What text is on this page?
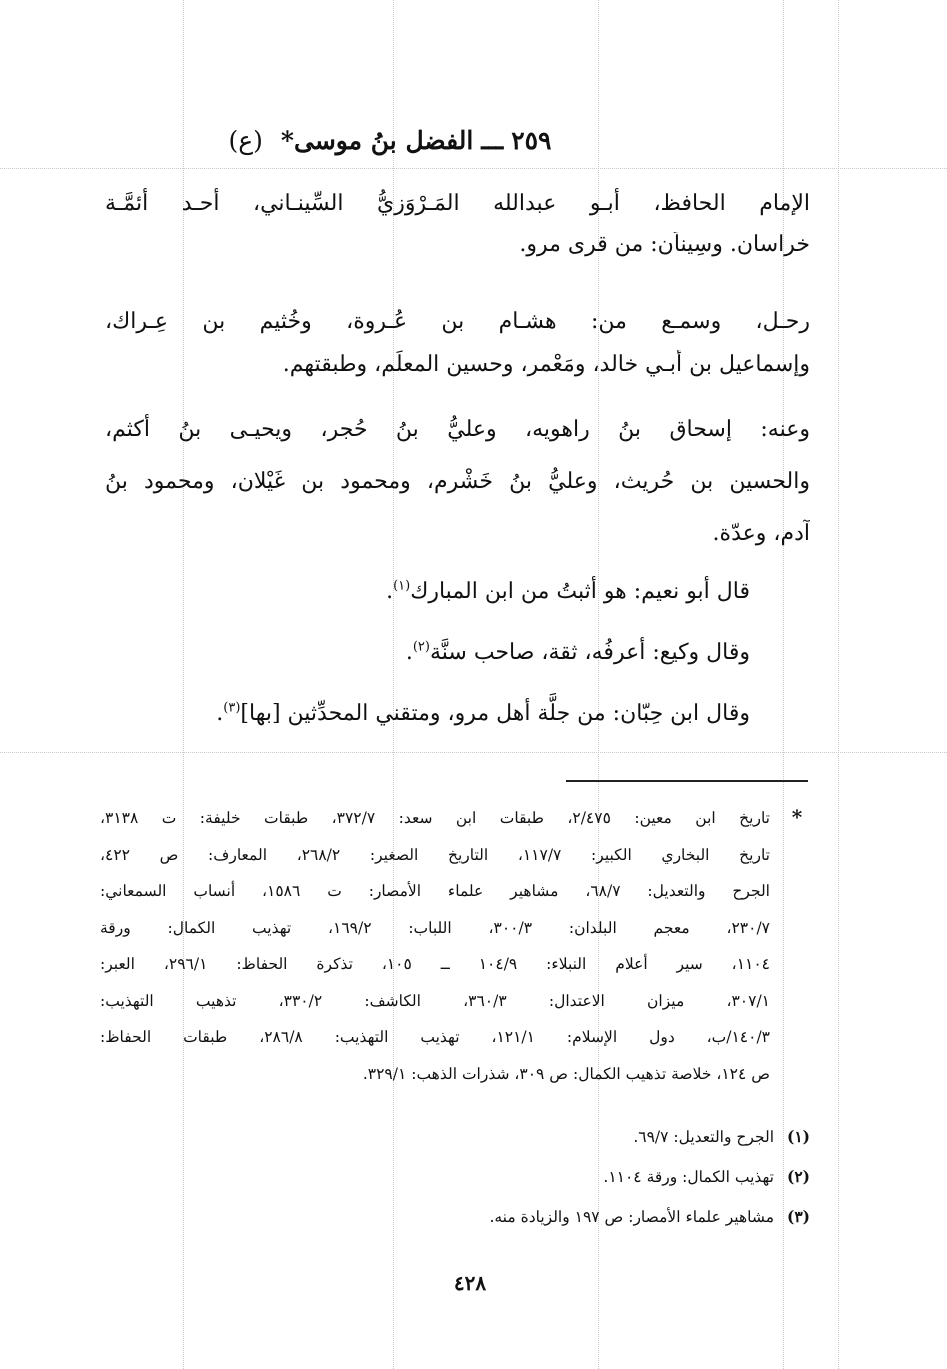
٢٥٩ ـــ الفضل بنُ موسى* (ع)
الإمام الحافظ، أبـو عبدالله المَـرْوَزيُّ السِّينـاني، أحـد أئمَّـة
خراسان. وسِيناَن: من قرى مرو.
رحـل، وسمـع من: هشـام بن عُـروة، وخُثيم بن عِـراك،
وإسماعيل بن أبـي خالد، ومَعْمر، وحسين المعلِّم، وطبقتهم.
وعنه: إسحاق بنُ راهويه، وعليُّ بنُ حُجر، ويحيـى بنُ أكثم،
والحسين بن حُريث، وعليُّ بنُ خَشْرم، ومحمود بن غَيْلان، ومحمود بنُ
آدم، وعدّة.
قال أبو نعيم: هو أثبتُ من ابن المبارك$^{(١)}$.
وقال وكيع: أعرفُه، ثقة، صاحب سنَّة$^{(٢)}$.
وقال ابن حِبّان: من جلَّة أهل مرو، ومتقني المحدِّثين [بها]$^{(٣)}$.
*
تاريخ ابن معين: ٢/٤٧٥، طبقات ابن سعد: ٣٧٢/٧، طبقات خليفة: ت ٣١٣٨،
تاريخ البخاري الكبير: ١١٧/٧، التاريخ الصغير: ٢٦٨/٢، المعارف: ص ٤٢٢،
الجرح والتعديل: ٦٨/٧، مشاهير علماء الأمصار: ت ١٥٨٦، أنساب السمعاني:
٢٣٠/٧، معجم البلدان: ٣٠٠/٣، اللباب: ١٦٩/٢، تهذيب الكمال: ورقة
١١٠٤، سير أعلام النبلاء: ١٠٤/٩ ــ ١٠٥، تذكرة الحفاظ: ٢٩٦/١، العبر:
٣٠٧/١، ميزان الاعتدال: ٣٦٠/٣، الكاشف: ٣٣٠/٢، تذهيب التهذيب:
١٤٠/٣/ب، دول الإسلام: ١٢١/١، تهذيب التهذيب: ٢٨٦/٨، طبقات الحفاظ:
ص ١٢٤، خلاصة تذهيب الكمال: ص ٣٠٩، شذرات الذهب: ٣٢٩/١.
(١)الجرح والتعديل: ٦٩/٧.
(٢)تهذيب الكمال: ورقة ١١٠٤.
(٣)مشاهير علماء الأمصار: ص ١٩٧ والزيادة منه.
٤٢٨
